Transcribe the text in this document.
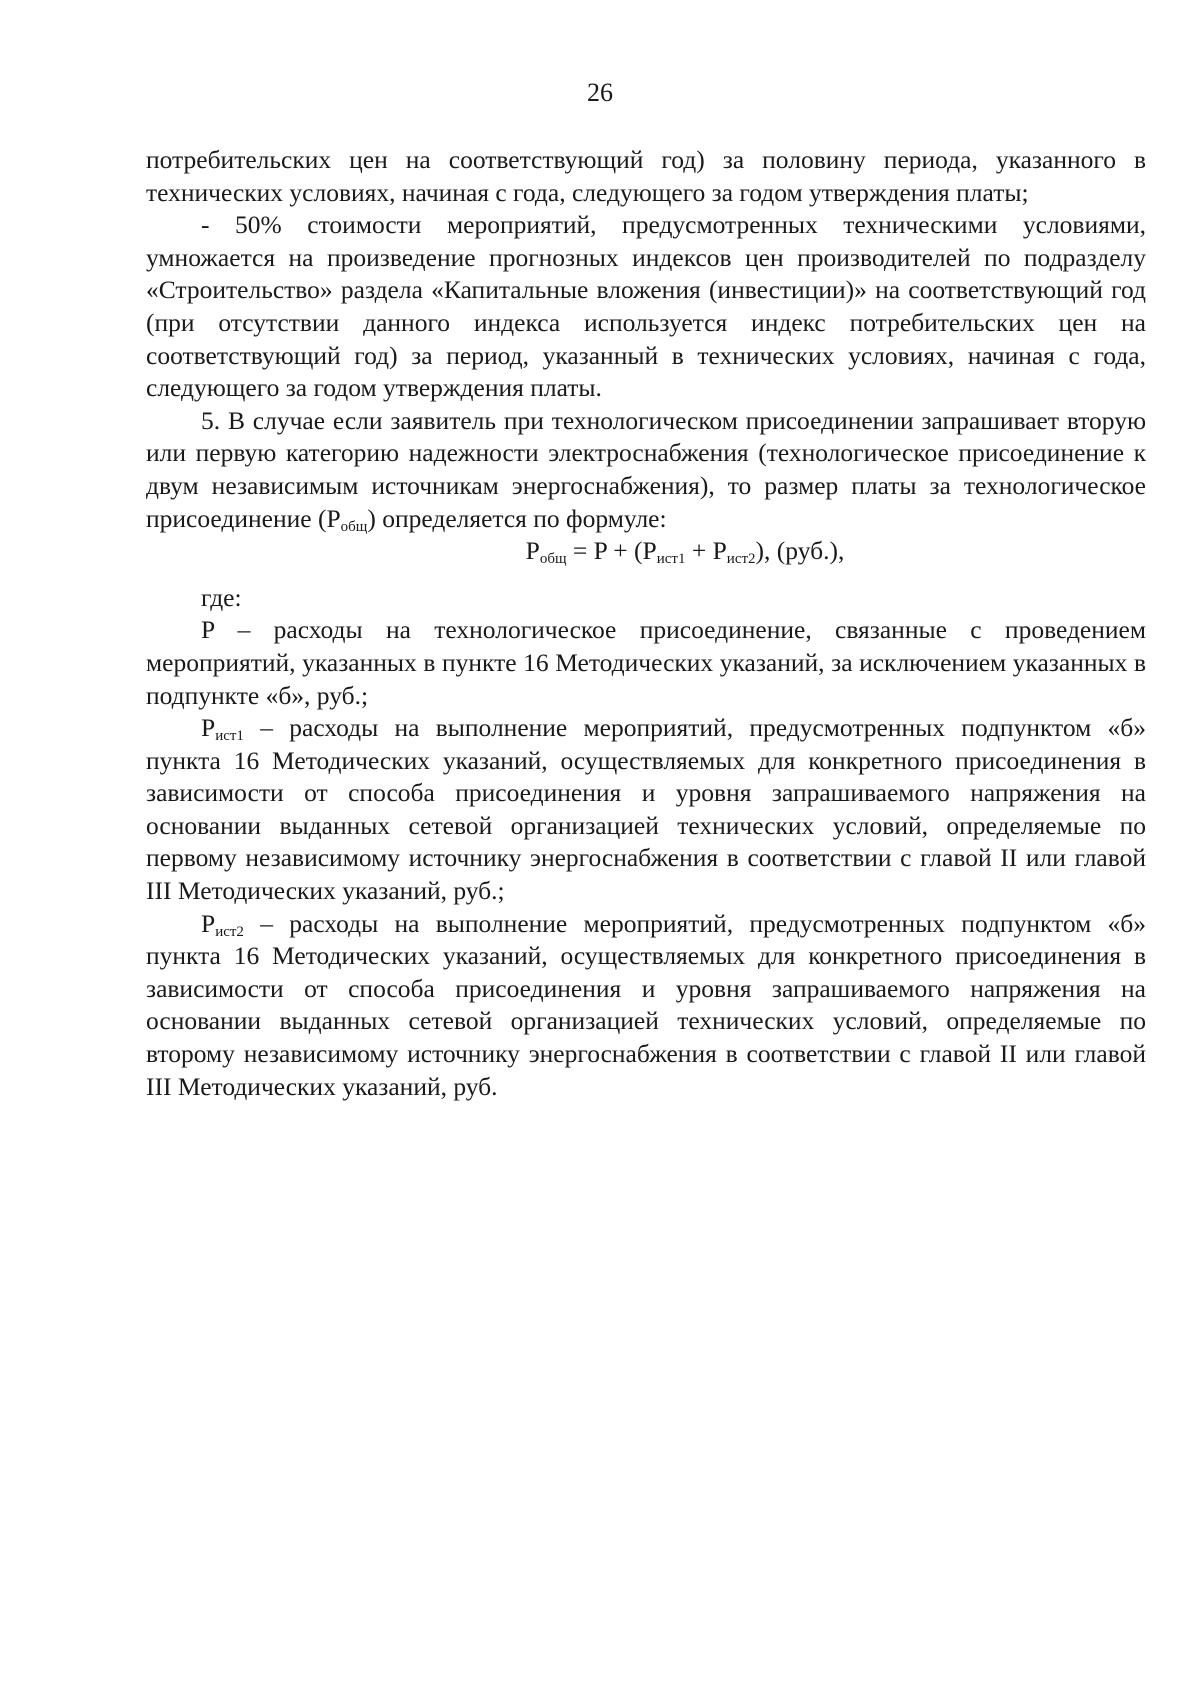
26

потребительских цен на соответствующий год) за половину периода, указанного в технических условиях, начиная с года, следующего за годом утверждения платы;

- 50% стоимости мероприятий, предусмотренных техническими условиями, умножается на произведение прогнозных индексов цен производителей по подразделу «Строительство» раздела «Капитальные вложения (инвестиции)» на соответствующий год (при отсутствии данного индекса используется индекс потребительских цен на соответствующий год) за период, указанный в технических условиях, начиная с года, следующего за годом утверждения платы.

5. В случае если заявитель при технологическом присоединении запрашивает вторую или первую категорию надежности электроснабжения (технологическое присоединение к двум независимым источникам энергоснабжения), то размер платы за технологическое присоединение $(P_{общ})$ определяется по формуле:

$P_{общ} = P + (P_{ист1} + P_{ист2})$, (руб.),

где:

P – расходы на технологическое присоединение, связанные с проведением мероприятий, указанных в пункте 16 Методических указаний, за исключением указанных в подпункте «б», руб.;

$P_{ист1}$ – расходы на выполнение мероприятий, предусмотренных подпунктом «б» пункта 16 Методических указаний, осуществляемых для конкретного присоединения в зависимости от способа присоединения и уровня запрашиваемого напряжения на основании выданных сетевой организацией технических условий, определяемые по первому независимому источнику энергоснабжения в соответствии с главой II или главой III Методических указаний, руб.;

$P_{ист2}$ – расходы на выполнение мероприятий, предусмотренных подпунктом «б» пункта 16 Методических указаний, осуществляемых для конкретного присоединения в зависимости от способа присоединения и уровня запрашиваемого напряжения на основании выданных сетевой организацией технических условий, определяемые по второму независимому источнику энергоснабжения в соответствии с главой II или главой III Методических указаний, руб.
